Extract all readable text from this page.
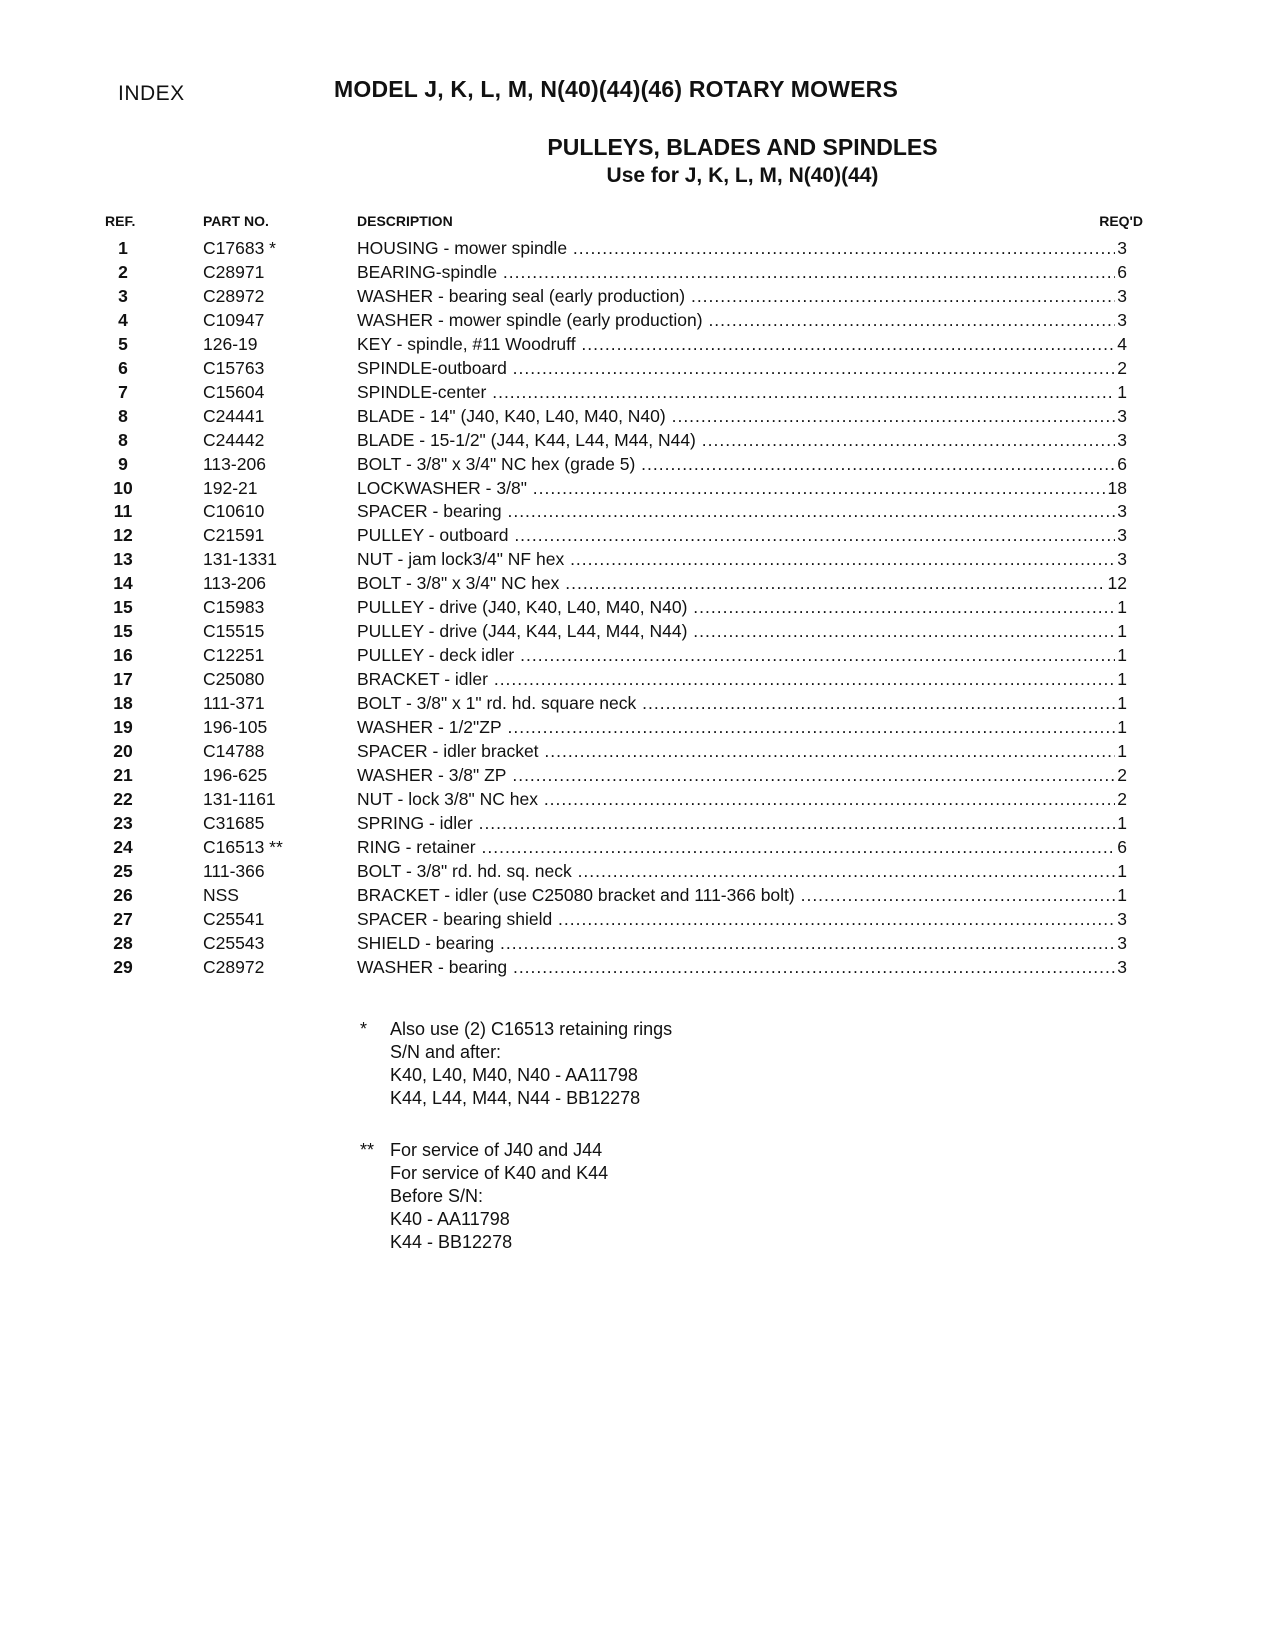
INDEX	MODEL J, K, L, M, N(40)(44)(46) ROTARY MOWERS
PULLEYS, BLADES AND SPINDLES
Use for J, K, L, M, N(40)(44)
REF.	PART NO.	DESCRIPTION	REQ'D
1	C17683 *	HOUSING - mower spindle .....	3
2	C28971	BEARING-spindle .....	6
3	C28972	WASHER - bearing seal (early production) .....	3
4	C10947	WASHER - mower spindle (early production) .....	3
5	126-19	KEY - spindle, #11 Woodruff .....	4
6	C15763	SPINDLE-outboard .....	2
7	C15604	SPINDLE-center .....	1
8	C24441	BLADE - 14" (J40, K40, L40, M40, N40) .....	3
8	C24442	BLADE - 15-1/2" (J44, K44, L44, M44, N44) .....	3
9	113-206	BOLT - 3/8" x 3/4" NC hex (grade 5) .....	6
10	192-21	LOCKWASHER - 3/8" .....	18
11	C10610	SPACER - bearing .....	3
12	C21591	PULLEY - outboard .....	3
13	131-1331	NUT - jam lock3/4" NF hex .....	3
14	113-206	BOLT - 3/8" x 3/4" NC hex .....	12
15	C15983	PULLEY - drive (J40, K40, L40, M40, N40) .....	1
15	C15515	PULLEY - drive (J44, K44, L44, M44, N44) .....	1
16	C12251	PULLEY - deck idler .....	1
17	C25080	BRACKET - idler .....	1
18	111-371	BOLT - 3/8" x 1" rd. hd. square neck .....	1
19	196-105	WASHER - 1/2"ZP .....	1
20	C14788	SPACER - idler bracket .....	1
21	196-625	WASHER - 3/8" ZP .....	2
22	131-1161	NUT - lock 3/8" NC hex .....	2
23	C31685	SPRING - idler .....	1
24	C16513 **	RING - retainer .....	6
25	111-366	BOLT - 3/8" rd. hd. sq. neck .....	1
26	NSS	BRACKET - idler (use C25080 bracket and 111-366 bolt) .....	1
27	C25541	SPACER - bearing shield .....	3
28	C25543	SHIELD - bearing .....	3
29	C28972	WASHER - bearing .....	3
* Also use (2) C16513 retaining rings
S/N and after:
K40, L40, M40, N40 - AA11798
K44, L44, M44, N44 - BB12278
** For service of J40 and J44
For service of K40 and K44
Before S/N:
K40 - AA11798
K44 - BB12278
